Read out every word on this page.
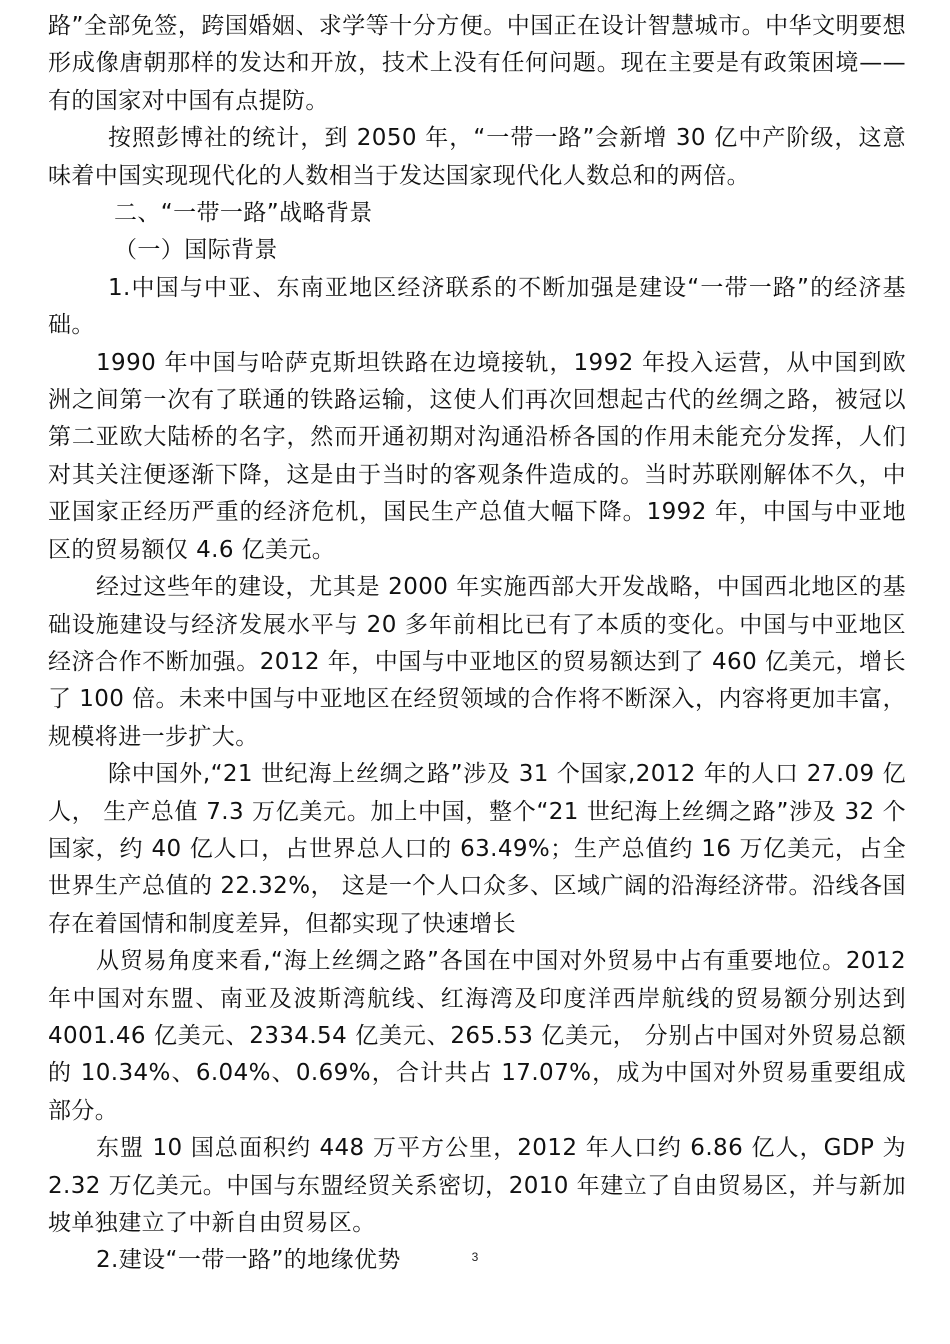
路”全部免签，跨国婚姻、求学等十分方便。中国正在设计智慧城市。中华文明要想形成像唐朝那样的发达和开放，技术上没有任何问题。现在主要是有政策困境——有的国家对中国有点提防。

按照彭博社的统计，到 2050 年，“一带一路”会新增 30 亿中产阶级，这意味着中国实现现代化的人数相当于发达国家现代化人数总和的两倍。

二、“一带一路”战略背景

（一）国际背景

1.中国与中亚、东南亚地区经济联系的不断加强是建设“一带一路”的经济基础。

1990 年中国与哈萨克斯坦铁路在边境接轨，1992 年投入运营，从中国到欧洲之间第一次有了联通的铁路运输，这使人们再次回想起古代的丝绸之路，被冠以第二亚欧大陆桥的名字，然而开通初期对沟通沿桥各国的作用未能充分发挥，人们对其关注便逐渐下降，这是由于当时的客观条件造成的。当时苏联刚解体不久，中亚国家正经历严重的经济危机，国民生产总值大幅下降。1992 年，中国与中亚地区的贸易额仅 4.6 亿美元。

经过这些年的建设，尤其是 2000 年实施西部大开发战略，中国西北地区的基础设施建设与经济发展水平与 20 多年前相比已有了本质的变化。中国与中亚地区经济合作不断加强。2012 年，中国与中亚地区的贸易额达到了 460 亿美元，增长了 100 倍。未来中国与中亚地区在经贸领域的合作将不断深入，内容将更加丰富，规模将进一步扩大。

除中国外,“21 世纪海上丝绸之路”涉及 31 个国家,2012 年的人口 27.09 亿人， 生产总值 7.3 万亿美元。加上中国，整个“21 世纪海上丝绸之路”涉及 32 个国家，约 40 亿人口，占世界总人口的 63.49%；生产总值约 16 万亿美元，占全世界生产总值的 22.32%， 这是一个人口众多、区域广阔的沿海经济带。沿线各国存在着国情和制度差异，但都实现了快速增长

从贸易角度来看,“海上丝绸之路”各国在中国对外贸易中占有重要地位。2012 年中国对东盟、南亚及波斯湾航线、红海湾及印度洋西岸航线的贸易额分别达到 4001.46 亿美元、2334.54 亿美元、265.53 亿美元， 分别占中国对外贸易总额的 10.34%、6.04%、0.69%，合计共占 17.07%，成为中国对外贸易重要组成部分。

东盟 10 国总面积约 448 万平方公里，2012 年人口约 6.86 亿人，GDP 为 2.32 万亿美元。中国与东盟经贸关系密切，2010 年建立了自由贸易区，并与新加坡单独建立了中新自由贸易区。

2.建设“一带一路”的地缘优势	3
